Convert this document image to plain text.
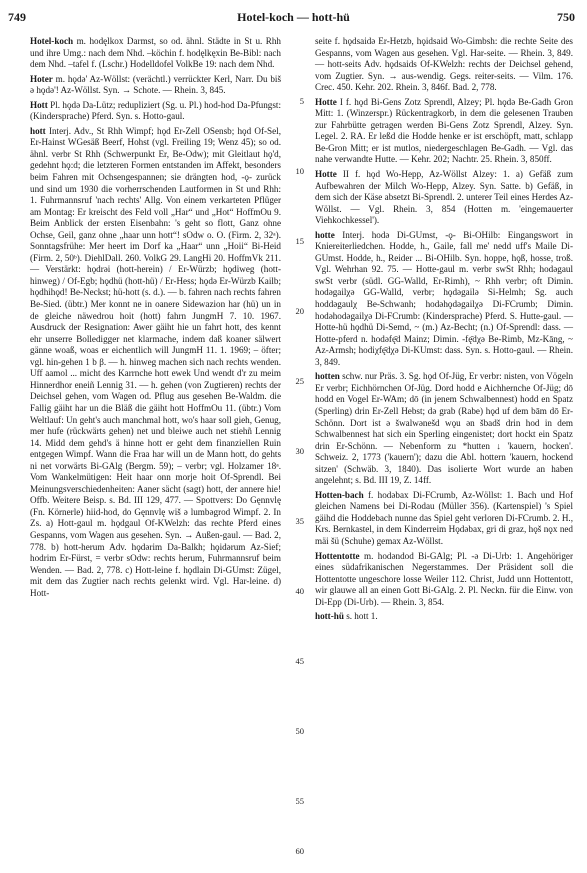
749	Hotel-koch — hott-hü	750

Hotel-koch m. hodęlkox Darmst, so od. ähnl. Städte in St u. Rhh und ihre Umg.: nach dem Nhd. –köchin f. hodęlkęxin Be-Bibl: nach dem Nhd. –tafel f. (Lschr.) Hodelldofel VolkBe 19: nach dem Nhd.

Hoter m. hǫdǝ' Az-Wöllst: (verächtl.) verrückter Kerl, Narr. Du biš ǝ hǫdǝ'! Az-Wöllst. Syn. → Schote. — Rhein. 3, 845.

Hott Pl. hǫdǝ Da-Lütz; redupliziert (Sg. u. Pl.) hod-hod Da-Pfungst: (Kindersprache) Pferd. Syn. s. Hotto-gaul.

hott Interj. Adv., St Rhh Wimpf; hǫd Er-Zell OSensb; hǫd Of-Sel, Er-Hainst WGesäß Beerf, Hohst (vgl. Freiling 19; Wenz 45); so od. ähnl. verbr St Rhh (Schwerpunkt Er, Be-Odw); mit Gleitlaut hǫ'd, gedehnt hǫ:d; die letzteren Formen entstanden im Affekt, besonders beim Fahren mit Ochsengespannen; sie drängten hod, -ǫ- zurück und sind um 1930 die vorherrschenden Lautformen in St und Rhh: 1. Fuhrmannsruf 'nach rechts' Allg. Von einem verkarteten Pflüger am Montag: Er kreischt des Feld voll „Har“ und „Hot“ HoffmOu 9. Beim Anblick der ersten Eisenbahn: 's geht so flott, Ganz ohne Ochse, Geil, ganz ohne „haar unn hott“! sOdw o. O. (Firm. 2, 32ᵃ). Sonntagsfrühe: Mer heert im Dorf ka „Haar“ unn „Hoii“ Bi-Heid (Firm. 2, 50ᵇ). DiehlDall. 260. VolkG 29. LangHi 20. HoffmVk 211. — Verstärkt: hǫdrǝi (hott-herein) / Er-Würzb; hǫdiweg (hott-hinweg) / Of-Egb; hǫdhü (hott-hü) / Er-Hess; hǫdǝ Er-Würzb Kailb; hǫdhihǫd! Be-Neckst; hü-hott (s. d.). — b. fahren nach rechts fahren Be-Sied. (übtr.) Mer konnt ne in oanere Sidewazion har (hü) un in de gleiche näwedrou hoit (hott) fahrn JungmH 7. 10. 1967. Ausdruck der Resignation: Awer gäiht hie un fahrt hott, des kennt ehr unserre Bolledigger net klarmache, indem daß koaner sälwert gänne woaß, woas er eichentlich will JungmH 11. 1. 1969; – öfter; vgl. hin-gehen 1 b β. — h. hinweg machen sich nach rechts wenden. Uff aamol ... micht des Karrnche hott ewek Und wendt d'r zu meim Hinnerdhor eneiñ Lennig 31. — h. gehen (von Zugtieren) rechts der Deichsel gehen, vom Wagen od. Pflug aus gesehen Be-Waldm. die Fallig gäiht har un die Bläß die gäiht hott HoffmOu 11. (übtr.) Vom Weltlauf: Un geht's auch manchmal hott, wo's haar soll gieh, Genug, mer hufe (rückwärts gehen) net und bleiwe auch net stiehñ Lennig 14. Midd dem gehd's ä hinne hott er geht dem finanziellen Ruin entgegen Wimpf. Wann die Fraa har will un de Mann hott, do gehts ni net vorwärts Bi-GAlg (Bergm. 59); – verbr; vgl. Holzamer 18ᵃ. Vom Wankelmütigen: Heit haar onn morje hoit Of-Sprendl. Bei Meinungsverschiedenheiten: Aaner sächt (sagt) hott, der annere hie! Offb. Weitere Beisp. s. Bd. III 129, 477. — Spottvers: Do Gęnnvlę (Fn. Körnerle) hiid-hod, do Gęnnvlę wiš ǝ lumbǝgrod Wimpf. 2. In Zs. a) Hott-gaul m. hǫdgaul Of-KWelzh: das rechte Pferd eines Gespanns, vom Wagen aus gesehen. Syn. → Außen-gaul. — Bad. 2, 778. b) hott-herum Adv. hǫdǝrim Da-Balkh; hǫidǝrum Az-Sief; hodrim Er-Fürst, = verbr sOdw: rechts herum, Fuhrmannsruf beim Wenden. — Bad. 2, 778. c) Hott-leine f. hǫdlain Di-GUmst: Zügel, mit dem das Zugtier nach rechts gelenkt wird. Vgl. Har-leine. d) Hott-

5
10
15
20
25
30
35
40
45
50
55
60

seite f. hǫdsaidǝ Er-Hetzb, hǫidsaid Wo-Gimbsh: die rechte Seite des Gespanns, vom Wagen aus gesehen. Vgl. Har-seite. — Rhein. 3, 849. — hott-seits Adv. hǫdsaids Of-KWelzh: rechts der Deichsel gehend, vom Zugtier. Syn. → aus-wendig. Gegs. reiter-seits. — Vilm. 176. Crec. 450. Kehr. 202. Rhein. 3, 846f. Bad. 2, 778.

Hotte I f. hǫd Bi-Gens Zotz Sprendl, Alzey; Pl. hǫdǝ Be-Gadh Gron Mitt: 1. (Winzerspr.) Rückentragkorb, in dem die gelesenen Trauben zur Fahrbütte getragen werden Bi-Gens Zotz Sprendl, Alzey. Syn. Legel. 2. RA. Er leßd die Hodde henke er ist erschöpft, matt, schlapp Be-Gron Mitt; er ist mutlos, niedergeschlagen Be-Gadh. — Vgl. das nahe verwandte Hutte. — Kehr. 202; Nachtr. 25. Rhein. 3, 850ff.

Hotte II f. hǫd Wo-Hepp, Az-Wöllst Alzey: 1. a) Gefäß zum Aufbewahren der Milch Wo-Hepp, Alzey. Syn. Satte. b) Gefäß, in dem sich der Käse absetzt Bi-Sprendl. 2. unterer Teil eines Herdes Az-Wöllst. — Vgl. Rhein. 3, 854 (Hotten m. 'eingemauerter Viehkochkessel').

hotte Interj. hodǝ Di-GUmst, -ǫ- Bi-OHilb: Eingangswort in Kniereiterliedchen. Hodde, h., Gaile, fall me' nedd uff's Maile Di-GUmst. Hodde, h., Reider ... Bi-OHilb. Syn. hoppe, hǫß, hosse, troß. Vgl. Wehrhan 92. 75. — Hotte-gaul m. verbr swSt Rhh; hodǝgaul swSt verbr (südl. GG-Walld, Er-Rimh), ~ Rhh verbr; oft Dimin. hodǝgailχǝ GG-Walld, verbr; hǫdǝgailǝ Si-Helmh; Sg. auch hoddǝgaulχ Be-Schwanh; hodǝhǫdǝgailχǝ Di-FCrumb; Dimin. hodǝhodǝgailχǝ Di-FCrumb: (Kindersprache) Pferd. S. Hutte-gaul. — Hotte-hü hǫdhü Di-Semd, ~ (m.) Az-Becht; (n.) Of-Sprendl: dass. — Hotte-pferd n. hodǝfę̄d Mainz; Dimin. -fę̄dχǝ Be-Rimb, Mz-Kāng, ~ Az-Armsh; hodiχfę̄dχǝ Di-KUmst: dass. Syn. s. Hotto-gaul. — Rhein. 3, 849.

hotten schw. nur Präs. 3. Sg. hǫd Of-Jüg, Er verbr: nisten, von Vögeln Er verbr; Eichhörnchen Of-Jüg. Dord hodd e Aichhernche Of-Jüg; dō hodd en Vogel Er-WAm; dō (in jenem Schwalbennest) hodd en Spatz (Sperling) drin Er-Zell Hebst; dǝ grab (Rabe) hǫd uf dem bām dō Er-Schönn. Dort ist ǝ šwalwǝnešd wǫu ǝn šbadš drin hod in dem Schwalbennest hat sich ein Sperling eingenistet; dort hockt ein Spatz drin Er-Schönn. — Nebenform zu *hutten ↓ 'kauern, hocken'. Schweiz. 2, 1773 ('kauern'); dazu die Abl. hottern 'kauern, hockend sitzen' (Schwäb. 3, 1840). Das isolierte Wort wurde an haben angelehnt; s. Bd. III 19, Z. 14ff.

Hotten-bach f. hodǝbax Di-FCrumb, Az-Wöllst: 1. Bach und Hof gleichen Namens bei Di-Rodau (Müller 356). (Kartenspiel) 's Spiel gäihd die Hoddebach nunne das Spiel geht verloren Di-FCrumb. 2. H., Krs. Bernkastel, in dem Kinderreim Hǫdǝbax, gri di graz, hǫš nǫx ned mäi šü (Schuhe) gemax Az-Wöllst.

Hottentotte m. hodǝndod Bi-GAlg; Pl. -ǝ Di-Urb: 1. Angehöriger eines südafrikanischen Negerstammes. Der Präsident soll die Hottentotte ungeschore losse Weiler 112. Christ, Judd unn Hottentott, wir glauwe all an einen Gott Bi-GAlg. 2. Pl. Neckn. für die Einw. von Di-Epp (Di-Urb). — Rhein. 3, 854.

hott-hü s. hott 1.
